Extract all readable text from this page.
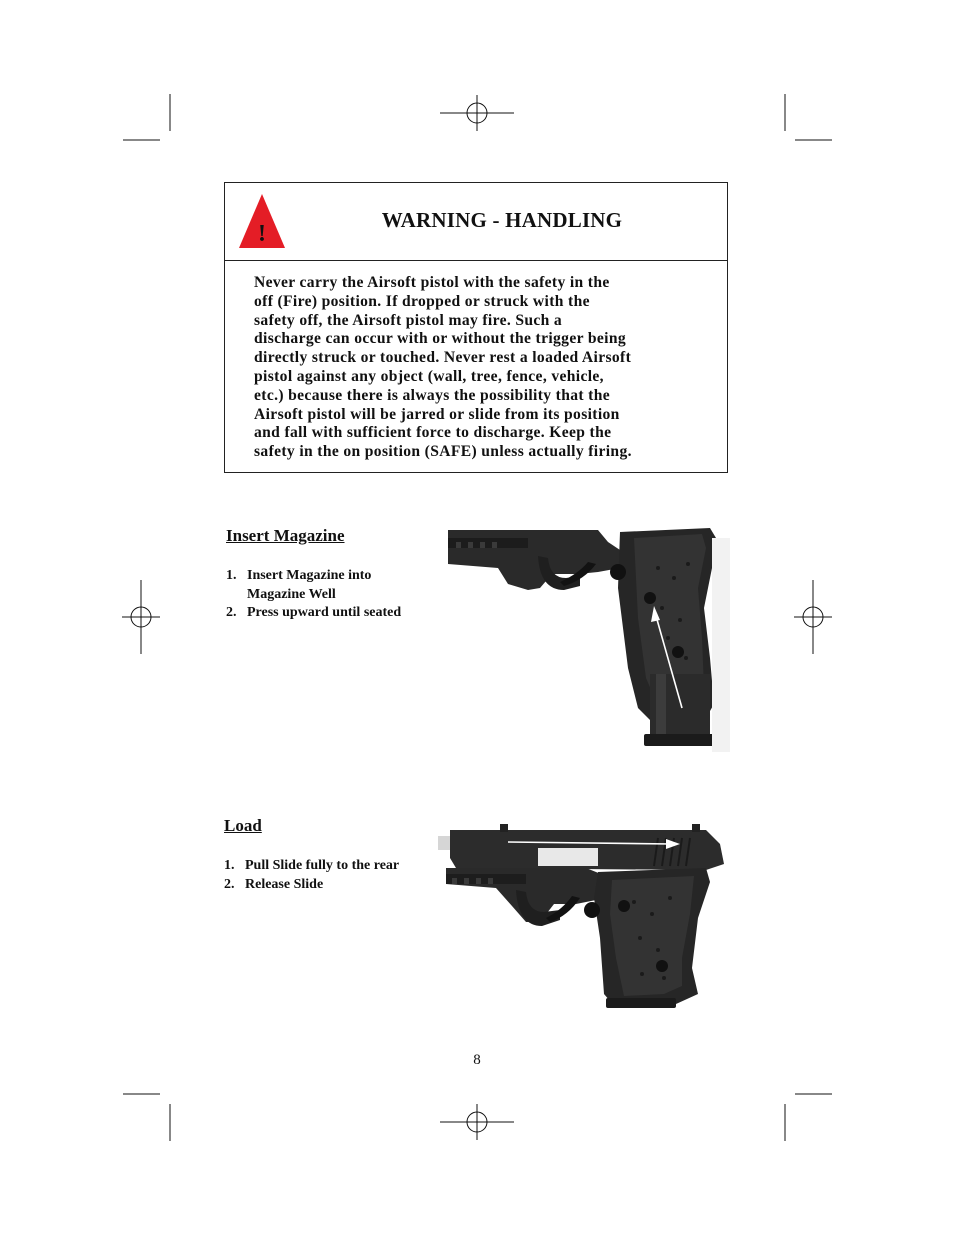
!
WARNING - HANDLING
Never carry the Airsoft pistol with the safety in the
off (Fire) position. If dropped or struck with the
safety off, the Airsoft pistol may fire. Such a
discharge can occur with or without the trigger being
directly struck or touched. Never rest a loaded Airsoft
pistol against any object (wall, tree, fence, vehicle,
etc.) because there is always the possibility that the
Airsoft pistol will be jarred or slide from its position
and fall with sufficient force to discharge. Keep the
safety in the on position (SAFE) unless actually firing.
Insert Magazine
1. Insert Magazine into
Magazine Well
2. Press upward until seated
Load
1. Pull Slide fully to the rear
2. Release Slide
8
